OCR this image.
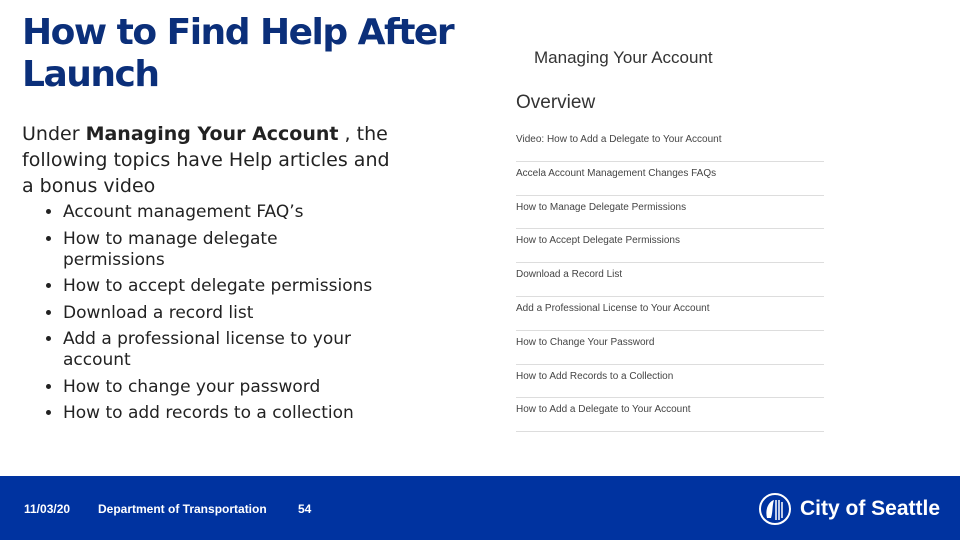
How to Find Help After Launch
Under Managing Your Account , the following topics have Help articles and a bonus video
• Account management FAQ’s
• How to manage delegate permissions
• How to accept delegate permissions
• Download a record list
• Add a professional license to your account
• How to change your password
• How to add records to a collection
Managing Your Account
Overview
Video: How to Add a Delegate to Your Account
Accela Account Management Changes FAQs
How to Manage Delegate Permissions
How to Accept Delegate Permissions
Download a Record List
Add a Professional License to Your Account
How to Change Your Password
How to Add Records to a Collection
How to Add a Delegate to Your Account
11/03/20 Department of Transportation	54	City of Seattle
